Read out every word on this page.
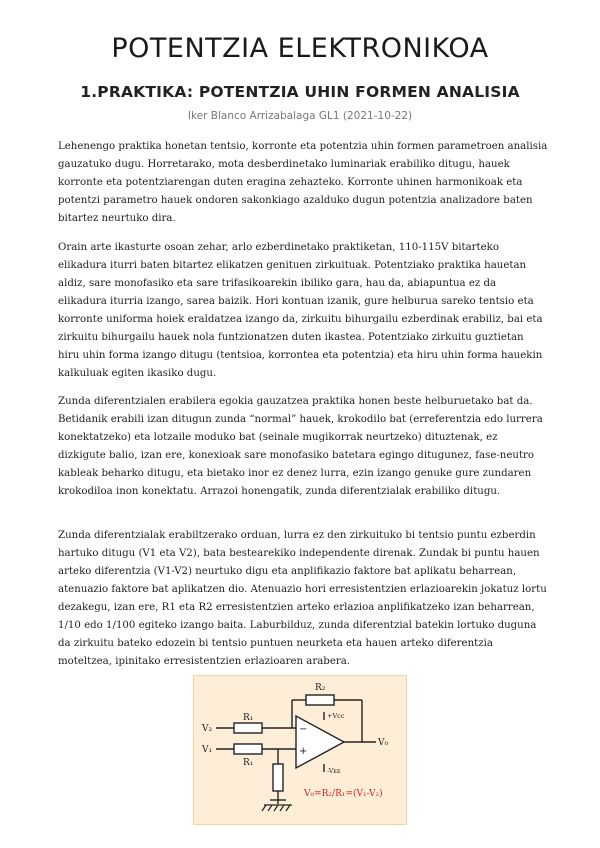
POTENTZIA ELEKTRONIKOA
1.PRAKTIKA: POTENTZIA UHIN FORMEN ANALISIA

Iker Blanco Arrizabalaga GL1 (2021-10-22)

Lehenengo praktika honetan tentsio, korronte eta potentzia uhin formen parametroen analisia gauzatuko dugu. Horretarako, mota desberdinetako luminariak erabiliko ditugu, hauek korronte eta potentziarengan duten eragina zehazteko. Korronte uhinen harmonikoak eta potentzi parametro hauek ondoren sakonkiago azalduko dugun potentzia analizadore baten bitartez neurtuko dira.

Orain arte ikasturte osoan zehar, arlo ezberdinetako praktiketan, 110-115V bitarteko elikadura iturri baten bitartez elikatzen genituen zirkuituak. Potentziako praktika hauetan aldiz, sare monofasiko eta sare trifasikoarekin ibiliko gara, hau da, abiapuntua ez da elikadura iturria izango, sarea baizik. Hori kontuan izanik, gure helburua sareko tentsio eta korronte uniforma hoiek eraldatzea izango da, zirkuitu bihurgailu ezberdinak erabiliz, bai eta zirkuitu bihurgailu hauek nola funtzionatzen duten ikastea. Potentziako zirkuitu guztietan hiru uhin forma izango ditugu (tentsioa, korrontea eta potentzia) eta hiru uhin forma hauekin kalkuluak egiten ikasiko dugu.

Zunda diferentzialen erabilera egokia gauzatzea praktika honen beste helburuetako bat da. Betidanik erabili izan ditugun zunda “normal” hauek, krokodilo bat (erreferentzia edo lurrera konektatzeko) eta lotzaile moduko bat (seinale mugikorrak neurtzeko) dituztenak, ez dizkigute balio, izan ere, konexioak sare monofasiko batetara egingo ditugunez, fase-neutro kableak beharko ditugu, eta bietako inor ez denez lurra, ezin izango genuke gure zundaren krokodiloa inon konektatu. Arrazoi honengatik, zunda diferentzialak erabiliko ditugu.

Zunda diferentzialak erabiltzerako orduan, lurra ez den zirkuituko bi tentsio puntu ezberdin hartuko ditugu (V1 eta V2), bata bestearekiko independente direnak. Zundak bi puntu hauen arteko diferentzia (V1-V2) neurtuko digu eta anplifikazio faktore bat aplikatu beharrean, atenuazio faktore bat aplikatzen dio. Atenuazio hori erresistentzien erlazioarekin jokatuz lortu dezakegu, izan ere, R1 eta R2 erresistentzien arteko erlazioa anplifikatzeko izan beharrean, 1/10 edo 1/100 egiteko izango baita. Laburbilduz, zunda diferentzial batekin lortuko duguna da zirkuitu bateko edozein bi tentsio puntuen neurketa eta hauen arteko diferentzia moteltzea, ipinitako erresistentzien erlazioaren arabera.

R₂
R₁
R₁
V₂
V₁
−
+
+Vcc
-Vᴇᴇ
V₀
V₀=R₂/R₁=(V₁-V₂)
